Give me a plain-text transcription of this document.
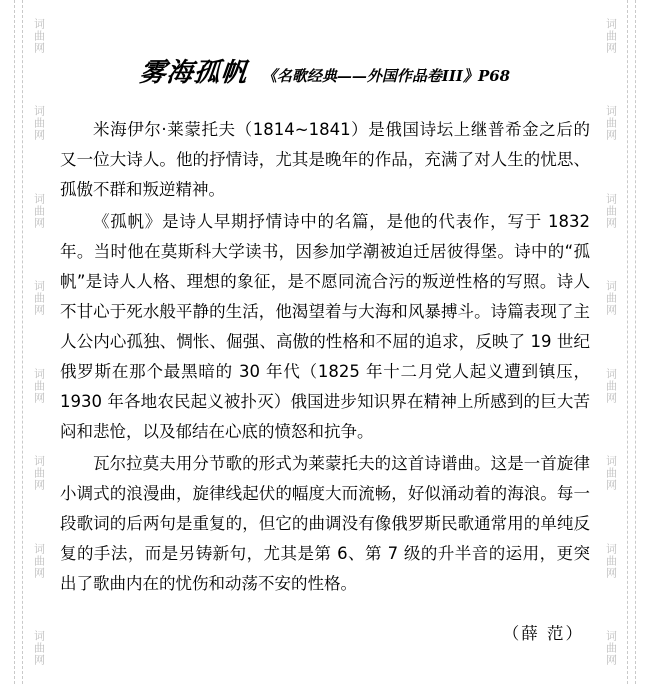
词曲网
词曲网
词曲网
词曲网
词曲网
词曲网
词曲网
词曲网
词曲网
词曲网
词曲网
词曲网
词曲网
词曲网
词曲网
词曲网
雾海孤帆 《名歌经典——外国作品卷III》P68

米海伊尔·莱蒙托夫（1814~1841）是俄国诗坛上继普希金之后的又一位大诗人。他的抒情诗，尤其是晚年的作品，充满了对人生的忧思、孤傲不群和叛逆精神。

《孤帆》是诗人早期抒情诗中的名篇，是他的代表作，写于 1832 年。当时他在莫斯科大学读书，因参加学潮被迫迁居彼得堡。诗中的“孤帆”是诗人人格、理想的象征，是不愿同流合污的叛逆性格的写照。诗人不甘心于死水般平静的生活，他渴望着与大海和风暴搏斗。诗篇表现了主人公内心孤独、惆怅、倔强、高傲的性格和不屈的追求，反映了 19 世纪俄罗斯在那个最黑暗的 30 年代（1825 年十二月党人起义遭到镇压，1930 年各地农民起义被扑灭）俄国进步知识界在精神上所感到的巨大苦闷和悲怆，以及郁结在心底的愤怒和抗争。

瓦尔拉莫夫用分节歌的形式为莱蒙托夫的这首诗谱曲。这是一首旋律小调式的浪漫曲，旋律线起伏的幅度大而流畅，好似涌动着的海浪。每一段歌词的后两句是重复的，但它的曲调没有像俄罗斯民歌通常用的单纯反复的手法，而是另铸新句，尤其是第 6、第 7 级的升半音的运用，更突出了歌曲内在的忧伤和动荡不安的性格。

（薛 范）
